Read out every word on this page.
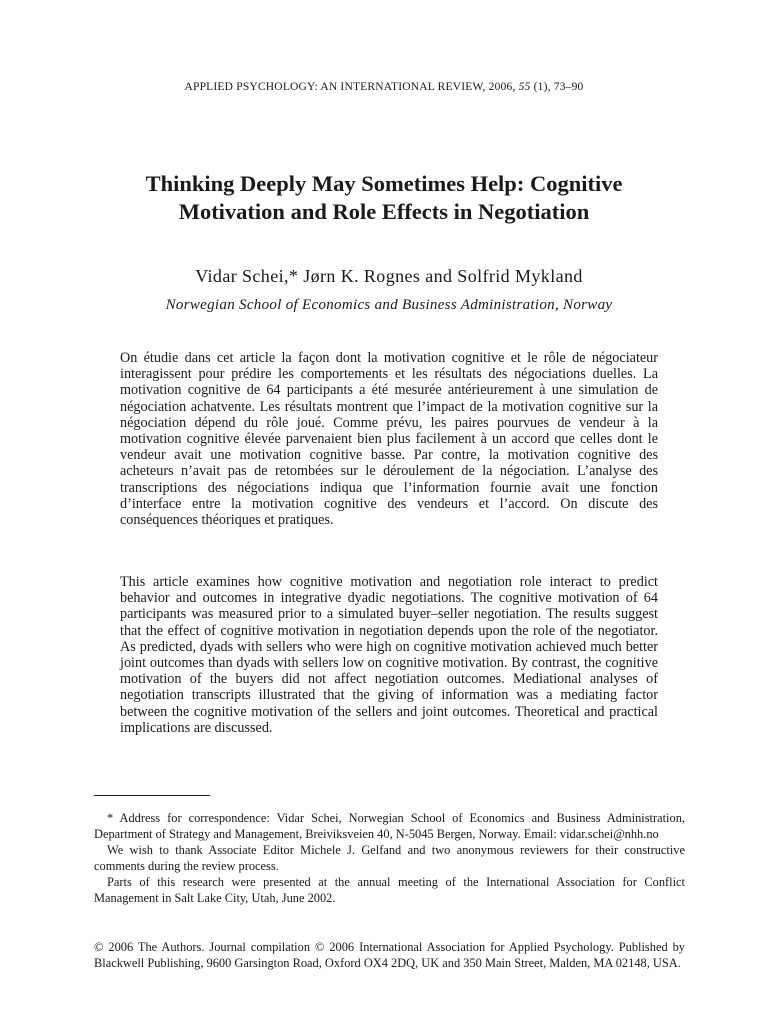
APPLIED PSYCHOLOGY: AN INTERNATIONAL REVIEW, 2006, 55 (1), 73–90
Thinking Deeply May Sometimes Help: Cognitive Motivation and Role Effects in Negotiation
Vidar Schei,* Jørn K. Rognes and Solfrid Mykland
Norwegian School of Economics and Business Administration, Norway

On étudie dans cet article la façon dont la motivation cognitive et le rôle de négociateur interagissent pour prédire les comportements et les résultats des négociations duelles. La motivation cognitive de 64 participants a été mesurée antérieurement à une simulation de négociation achatvente. Les résultats montrent que l’impact de la motivation cognitive sur la négociation dépend du rôle joué. Comme prévu, les paires pourvues de vendeur à la motivation cognitive élevée parvenaient bien plus facilement à un accord que celles dont le vendeur avait une motivation cognitive basse. Par contre, la motivation cognitive des acheteurs n’avait pas de retombées sur le déroulement de la négociation. L’analyse des transcriptions des négociations indiqua que l’information fournie avait une fonction d’interface entre la motivation cognitive des vendeurs et l’accord. On discute des conséquences théoriques et pratiques.

This article examines how cognitive motivation and negotiation role interact to predict behavior and outcomes in integrative dyadic negotiations. The cognitive motivation of 64 participants was measured prior to a simulated buyer–seller negotiation. The results suggest that the effect of cognitive motivation in negotiation depends upon the role of the negotiator. As predicted, dyads with sellers who were high on cognitive motivation achieved much better joint outcomes than dyads with sellers low on cognitive motivation. By contrast, the cognitive motivation of the buyers did not affect negotiation outcomes. Mediational analyses of negotiation transcripts illustrated that the giving of information was a mediating factor between the cognitive motivation of the sellers and joint outcomes. Theoretical and practical implications are discussed.

* Address for correspondence: Vidar Schei, Norwegian School of Economics and Business Administration, Department of Strategy and Management, Breiviksveien 40, N-5045 Bergen, Norway. Email: vidar.schei@nhh.no

We wish to thank Associate Editor Michele J. Gelfand and two anonymous reviewers for their constructive comments during the review process.

Parts of this research were presented at the annual meeting of the International Association for Conflict Management in Salt Lake City, Utah, June 2002.

© 2006 The Authors. Journal compilation © 2006 International Association for Applied Psychology. Published by Blackwell Publishing, 9600 Garsington Road, Oxford OX4 2DQ, UK and 350 Main Street, Malden, MA 02148, USA.
